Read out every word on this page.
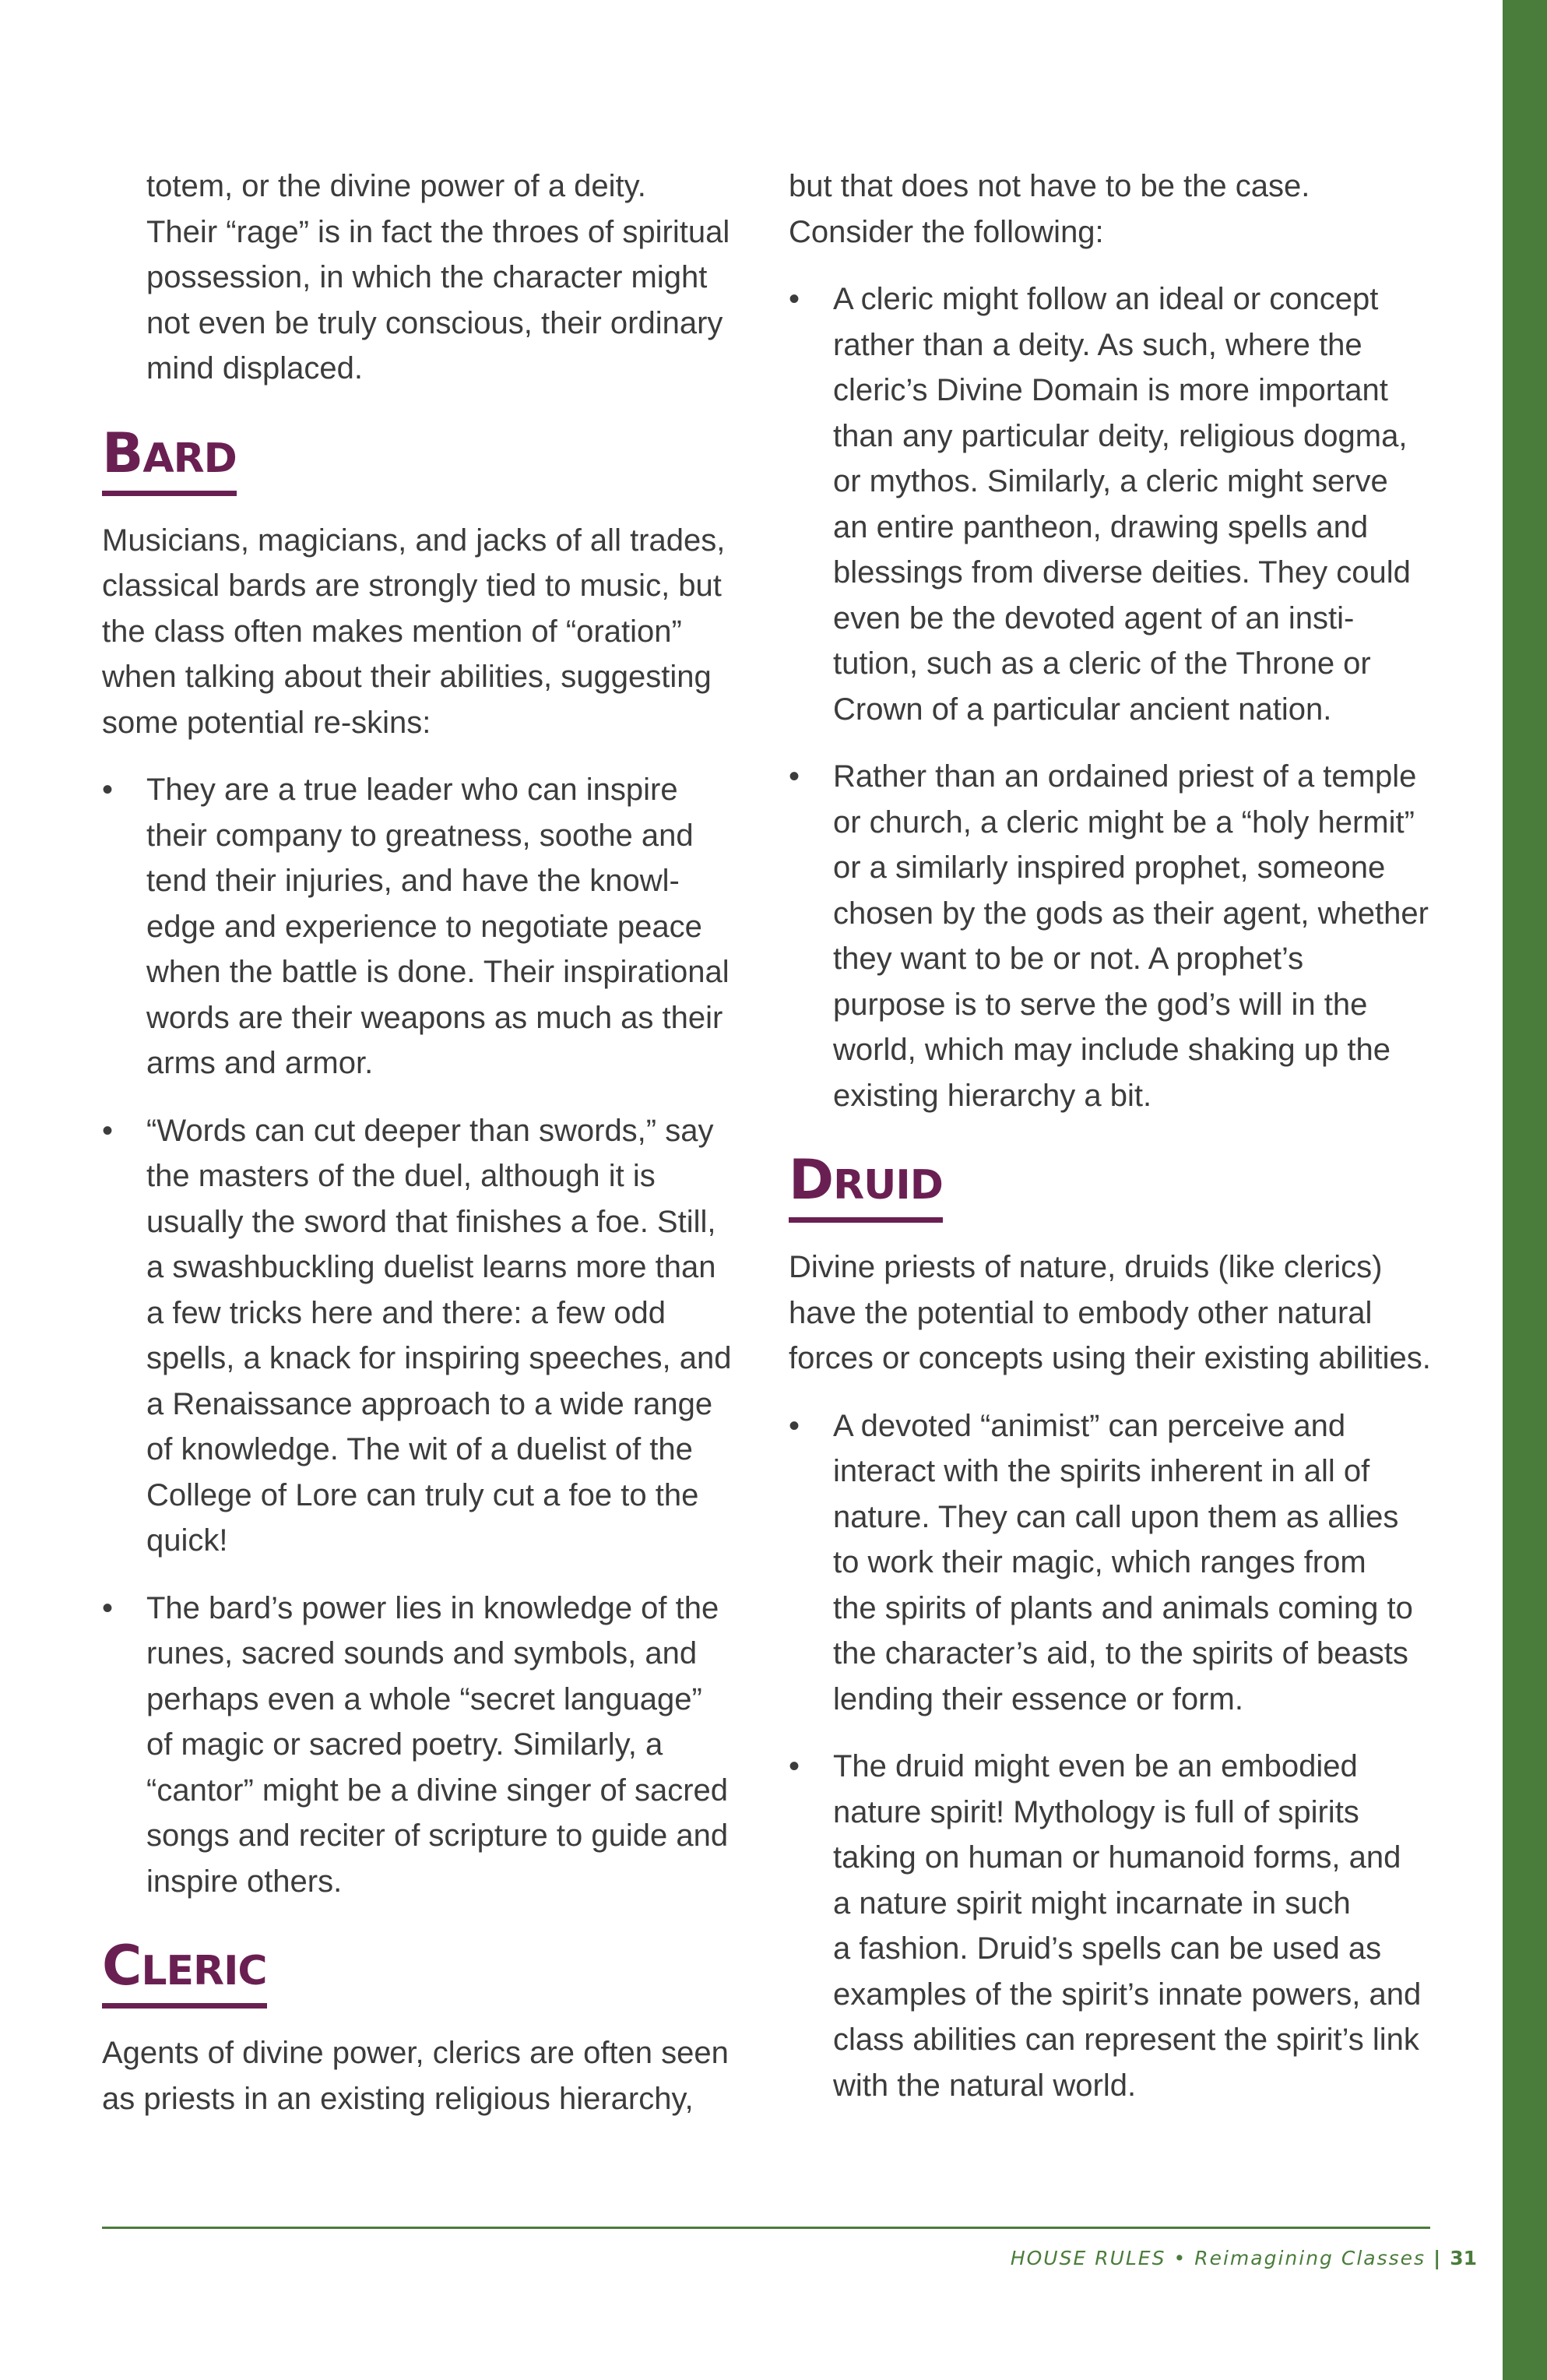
totem, or the divine power of a deity.
Their “rage” is in fact the throes of spiritual
possession, in which the character might
not even be truly conscious, their ordinary
mind displaced.

BARD

Musicians, magicians, and jacks of all trades,
classical bards are strongly tied to music, but
the class often makes mention of “oration”
when talking about their abilities, suggesting
some potential re-skins:

• They are a true leader who can inspire
their company to greatness, soothe and
tend their injuries, and have the knowl-
edge and experience to negotiate peace
when the battle is done. Their inspirational
words are their weapons as much as their
arms and armor.
• “Words can cut deeper than swords,” say
the masters of the duel, although it is
usually the sword that finishes a foe. Still,
a swashbuckling duelist learns more than
a few tricks here and there: a few odd
spells, a knack for inspiring speeches, and
a Renaissance approach to a wide range
of knowledge. The wit of a duelist of the
College of Lore can truly cut a foe to the
quick!
• The bard’s power lies in knowledge of the
runes, sacred sounds and symbols, and
perhaps even a whole “secret language”
of magic or sacred poetry. Similarly, a
“cantor” might be a divine singer of sacred
songs and reciter of scripture to guide and
inspire others.
CLERIC

Agents of divine power, clerics are often seen
as priests in an existing religious hierarchy,

but that does not have to be the case.
Consider the following:

• A cleric might follow an ideal or concept
rather than a deity. As such, where the
cleric’s Divine Domain is more important
than any particular deity, religious dogma,
or mythos. Similarly, a cleric might serve
an entire pantheon, drawing spells and
blessings from diverse deities. They could
even be the devoted agent of an insti-
tution, such as a cleric of the Throne or
Crown of a particular ancient nation.
• Rather than an ordained priest of a temple
or church, a cleric might be a “holy hermit”
or a similarly inspired prophet, someone
chosen by the gods as their agent, whether
they want to be or not. A prophet’s
purpose is to serve the god’s will in the
world, which may include shaking up the
existing hierarchy a bit.
DRUID

Divine priests of nature, druids (like clerics)
have the potential to embody other natural
forces or concepts using their existing abilities.

• A devoted “animist” can perceive and
interact with the spirits inherent in all of
nature. They can call upon them as allies
to work their magic, which ranges from
the spirits of plants and animals coming to
the character’s aid, to the spirits of beasts
lending their essence or form.
• The druid might even be an embodied
nature spirit! Mythology is full of spirits
taking on human or humanoid forms, and
a nature spirit might incarnate in such
a fashion. Druid’s spells can be used as
examples of the spirit’s innate powers, and
class abilities can represent the spirit’s link
with the natural world.
HOUSE RULES • Reimagining Classes | 31
